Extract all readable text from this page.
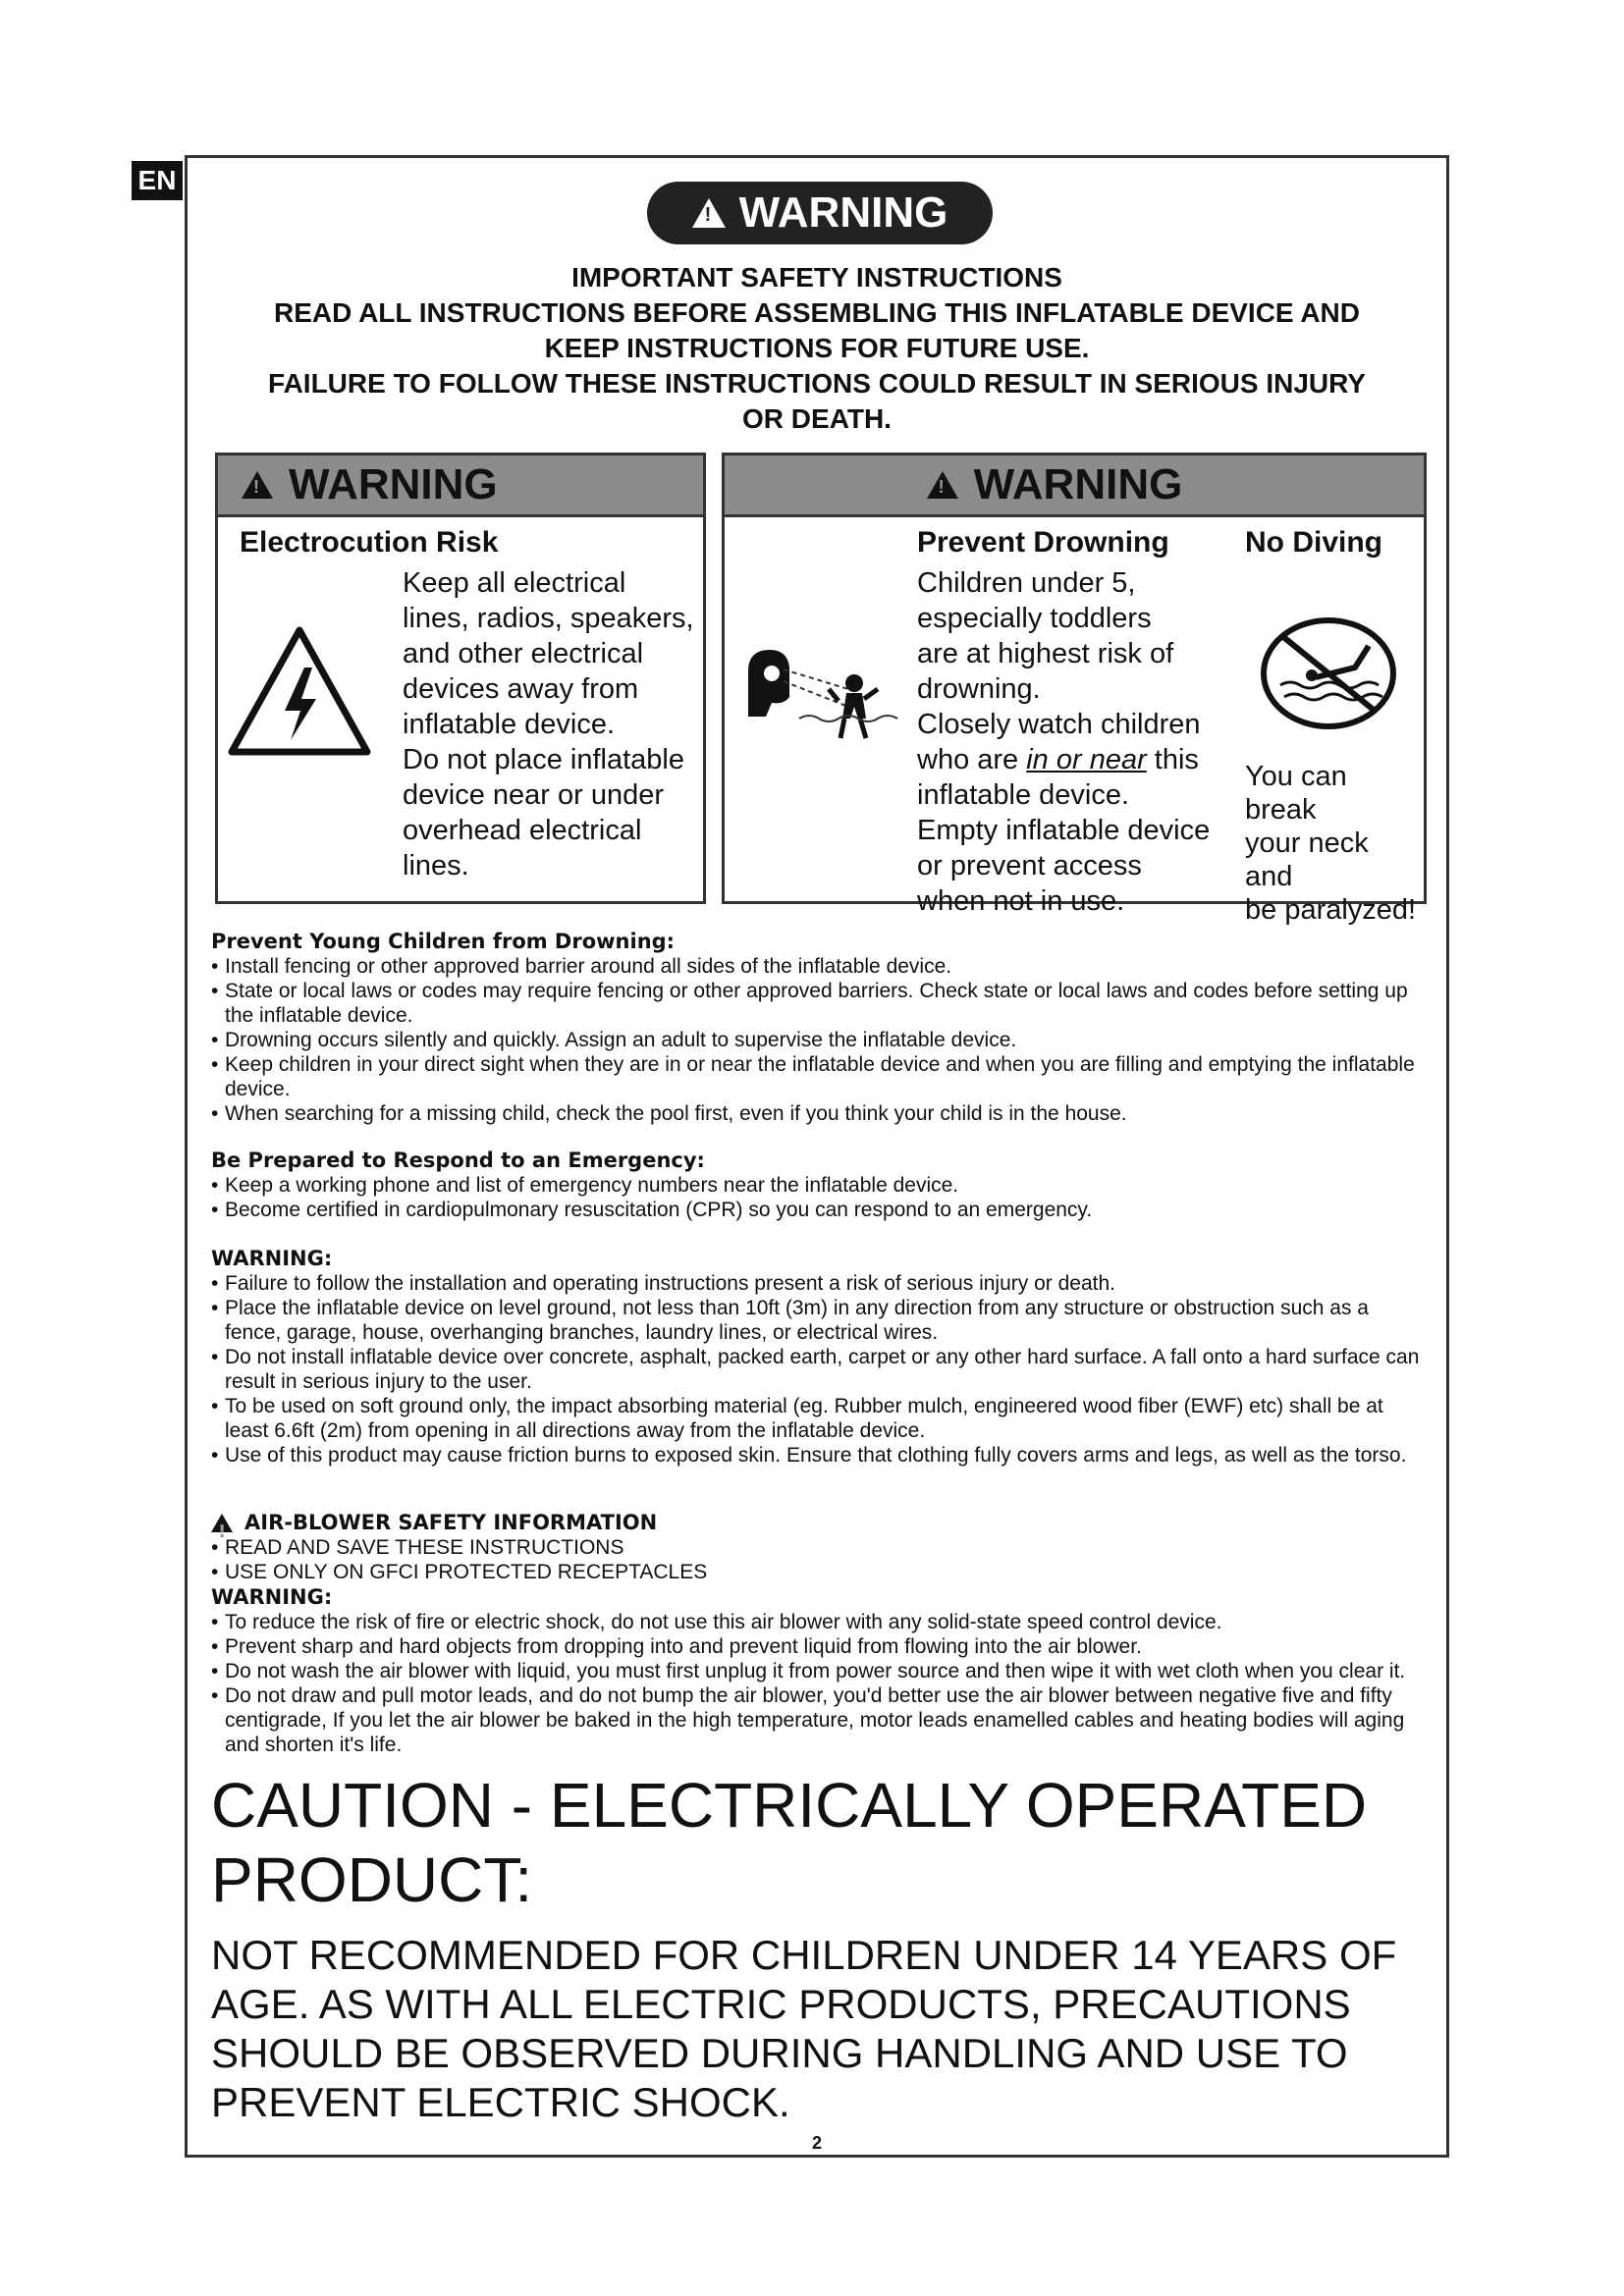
EN
!
WARNING
IMPORTANT SAFETY INSTRUCTIONS
READ ALL INSTRUCTIONS BEFORE ASSEMBLING THIS INFLATABLE DEVICE AND
KEEP INSTRUCTIONS FOR FUTURE USE.
FAILURE TO FOLLOW THESE INSTRUCTIONS COULD RESULT IN SERIOUS INJURY
OR DEATH.
!
WARNING
Electrocution Risk
Keep all electrical
lines, radios, speakers,
and other electrical
devices away from
inflatable device.
Do not place inflatable
device near or under
overhead electrical
lines.
!
WARNING
Prevent Drowning	No Diving
Children under 5,
especially toddlers
are at highest risk of
drowning.
Closely watch children
who are in or near this
inflatable device.
Empty inflatable device
or prevent access
when not in use.
You can break
your neck and
be paralyzed!
Prevent Young Children from Drowning:
• Install fencing or other approved barrier around all sides of the inflatable device.
• State or local laws or codes may require fencing or other approved barriers. Check state or local laws and codes before setting up the inflatable device.
• Drowning occurs silently and quickly. Assign an adult to supervise the inflatable device.
• Keep children in your direct sight when they are in or near the inflatable device and when you are filling and emptying the inflatable device.
• When searching for a missing child, check the pool first, even if you think your child is in the house.
Be Prepared to Respond to an Emergency:
• Keep a working phone and list of emergency numbers near the inflatable device.
• Become certified in cardiopulmonary resuscitation (CPR) so you can respond to an emergency.
WARNING:
• Failure to follow the installation and operating instructions present a risk of serious injury or death.
• Place the inflatable device on level ground, not less than 10ft (3m) in any direction from any structure or obstruction such as a fence, garage, house, overhanging branches, laundry lines, or electrical wires.
• Do not install inflatable device over concrete, asphalt, packed earth, carpet or any other hard surface. A fall onto a hard surface can result in serious injury to the user.
• To be used on soft ground only, the impact absorbing material (eg. Rubber mulch, engineered wood fiber (EWF) etc) shall be at least 6.6ft (2m) from opening in all directions away from the inflatable device.
• Use of this product may cause friction burns to exposed skin. Ensure that clothing fully covers arms and legs, as well as the torso.
!
AIR-BLOWER SAFETY INFORMATION
• READ AND SAVE THESE INSTRUCTIONS
• USE ONLY ON GFCI PROTECTED RECEPTACLES
WARNING:
• To reduce the risk of fire or electric shock, do not use this air blower with any solid-state speed control device.
• Prevent sharp and hard objects from dropping into and prevent liquid from flowing into the air blower.
• Do not wash the air blower with liquid, you must first unplug it from power source and then wipe it with wet cloth when you clear it.
• Do not draw and pull motor leads, and do not bump the air blower, you'd better use the air blower between negative five and fifty centigrade, If you let the air blower be baked in the high temperature, motor leads enamelled cables and heating bodies will aging and shorten it's life.
CAUTION - ELECTRICALLY OPERATED
PRODUCT:
NOT RECOMMENDED FOR CHILDREN UNDER 14 YEARS OF
AGE. AS WITH ALL ELECTRIC PRODUCTS, PRECAUTIONS
SHOULD BE OBSERVED DURING HANDLING AND USE TO
PREVENT ELECTRIC SHOCK.
2
